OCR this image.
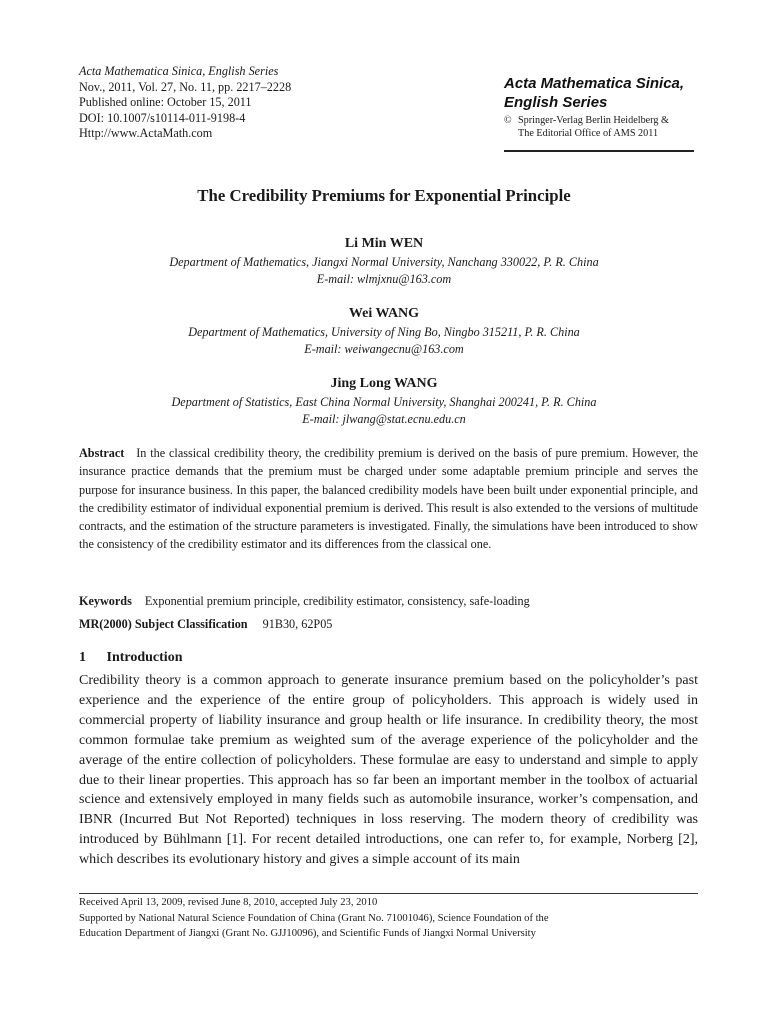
Acta Mathematica Sinica, English Series
Nov., 2011, Vol. 27, No. 11, pp. 2217–2228
Published online: October 15, 2011
DOI: 10.1007/s10114-011-9198-4
Http://www.ActaMath.com
Acta Mathematica Sinica,
English Series
© Springer-Verlag Berlin Heidelberg &
The Editorial Office of AMS 2011
The Credibility Premiums for Exponential Principle
Li Min WEN
Department of Mathematics, Jiangxi Normal University, Nanchang 330022, P. R. China
E-mail: wlmjxnu@163.com
Wei WANG
Department of Mathematics, University of Ning Bo, Ningbo 315211, P. R. China
E-mail: weiwangecnu@163.com
Jing Long WANG
Department of Statistics, East China Normal University, Shanghai 200241, P. R. China
E-mail: jlwang@stat.ecnu.edu.cn
Abstract In the classical credibility theory, the credibility premium is derived on the basis of pure premium. However, the insurance practice demands that the premium must be charged under some adaptable premium principle and serves the purpose for insurance business. In this paper, the balanced credibility models have been built under exponential principle, and the credibility estimator of individual exponential premium is derived. This result is also extended to the versions of multitude contracts, and the estimation of the structure parameters is investigated. Finally, the simulations have been introduced to show the consistency of the credibility estimator and its differences from the classical one.
Keywords Exponential premium principle, credibility estimator, consistency, safe-loading
MR(2000) Subject Classification 91B30, 62P05
1 Introduction

Credibility theory is a common approach to generate insurance premium based on the policyholder’s past experience and the experience of the entire group of policyholders. This approach is widely used in commercial property of liability insurance and group health or life insurance. In credibility theory, the most common formulae take premium as weighted sum of the average experience of the policyholder and the average of the entire collection of policyholders. These formulae are easy to understand and simple to apply due to their linear properties. This approach has so far been an important member in the toolbox of actuarial science and extensively employed in many fields such as automobile insurance, worker’s compensation, and IBNR (Incurred But Not Reported) techniques in loss reserving. The modern theory of credibility was introduced by Bühlmann [1]. For recent detailed introductions, one can refer to, for example, Norberg [2], which describes its evolutionary history and gives a simple account of its main

Received April 13, 2009, revised June 8, 2010, accepted July 23, 2010
Supported by National Natural Science Foundation of China (Grant No. 71001046), Science Foundation of the
Education Department of Jiangxi (Grant No. GJJ10096), and Scientific Funds of Jiangxi Normal University
